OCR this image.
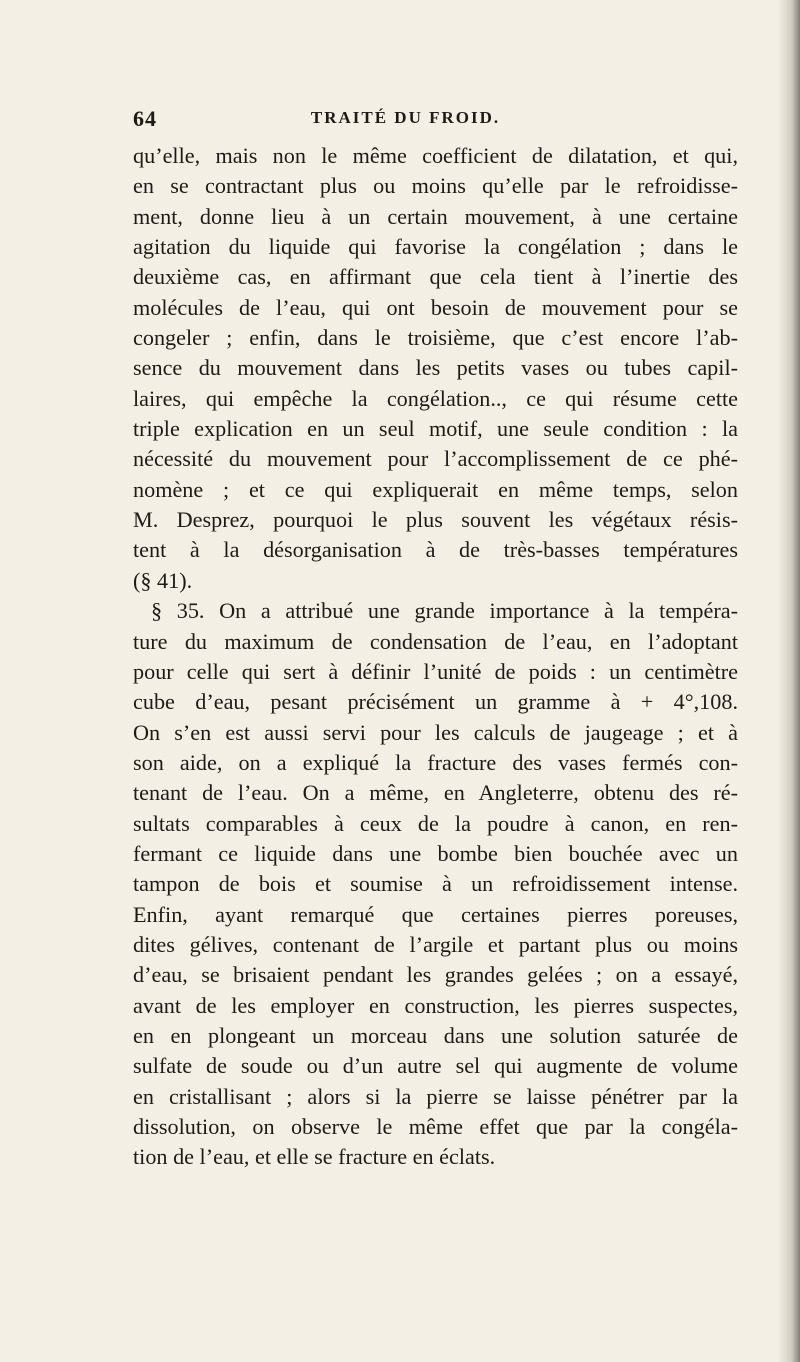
64	TRAITÉ DU FROID.
qu’elle, mais non le même coefficient de dilatation, et qui,
en se contractant plus ou moins qu’elle par le refroidisse-
ment, donne lieu à un certain mouvement, à une certaine
agitation du liquide qui favorise la congélation ; dans le
deuxième cas, en affirmant que cela tient à l’inertie des
molécules de l’eau, qui ont besoin de mouvement pour se
congeler ; enfin, dans le troisième, que c’est encore l’ab-
sence du mouvement dans les petits vases ou tubes capil-
laires, qui empêche la congélation.., ce qui résume cette
triple explication en un seul motif, une seule condition : la
nécessité du mouvement pour l’accomplissement de ce phé-
nomène ; et ce qui expliquerait en même temps, selon
M. Desprez, pourquoi le plus souvent les végétaux résis-
tent à la désorganisation à de très-basses températures
(§ 41).
§ 35. On a attribué une grande importance à la tempéra-
ture du maximum de condensation de l’eau, en l’adoptant
pour celle qui sert à définir l’unité de poids : un centimètre
cube d’eau, pesant précisément un gramme à + 4°,108.
On s’en est aussi servi pour les calculs de jaugeage ; et à
son aide, on a expliqué la fracture des vases fermés con-
tenant de l’eau. On a même, en Angleterre, obtenu des ré-
sultats comparables à ceux de la poudre à canon, en ren-
fermant ce liquide dans une bombe bien bouchée avec un
tampon de bois et soumise à un refroidissement intense.
Enfin, ayant remarqué que certaines pierres poreuses,
dites gélives, contenant de l’argile et partant plus ou moins
d’eau, se brisaient pendant les grandes gelées ; on a essayé,
avant de les employer en construction, les pierres suspectes,
en en plongeant un morceau dans une solution saturée de
sulfate de soude ou d’un autre sel qui augmente de volume
en cristallisant ; alors si la pierre se laisse pénétrer par la
dissolution, on observe le même effet que par la congéla-
tion de l’eau, et elle se fracture en éclats.
